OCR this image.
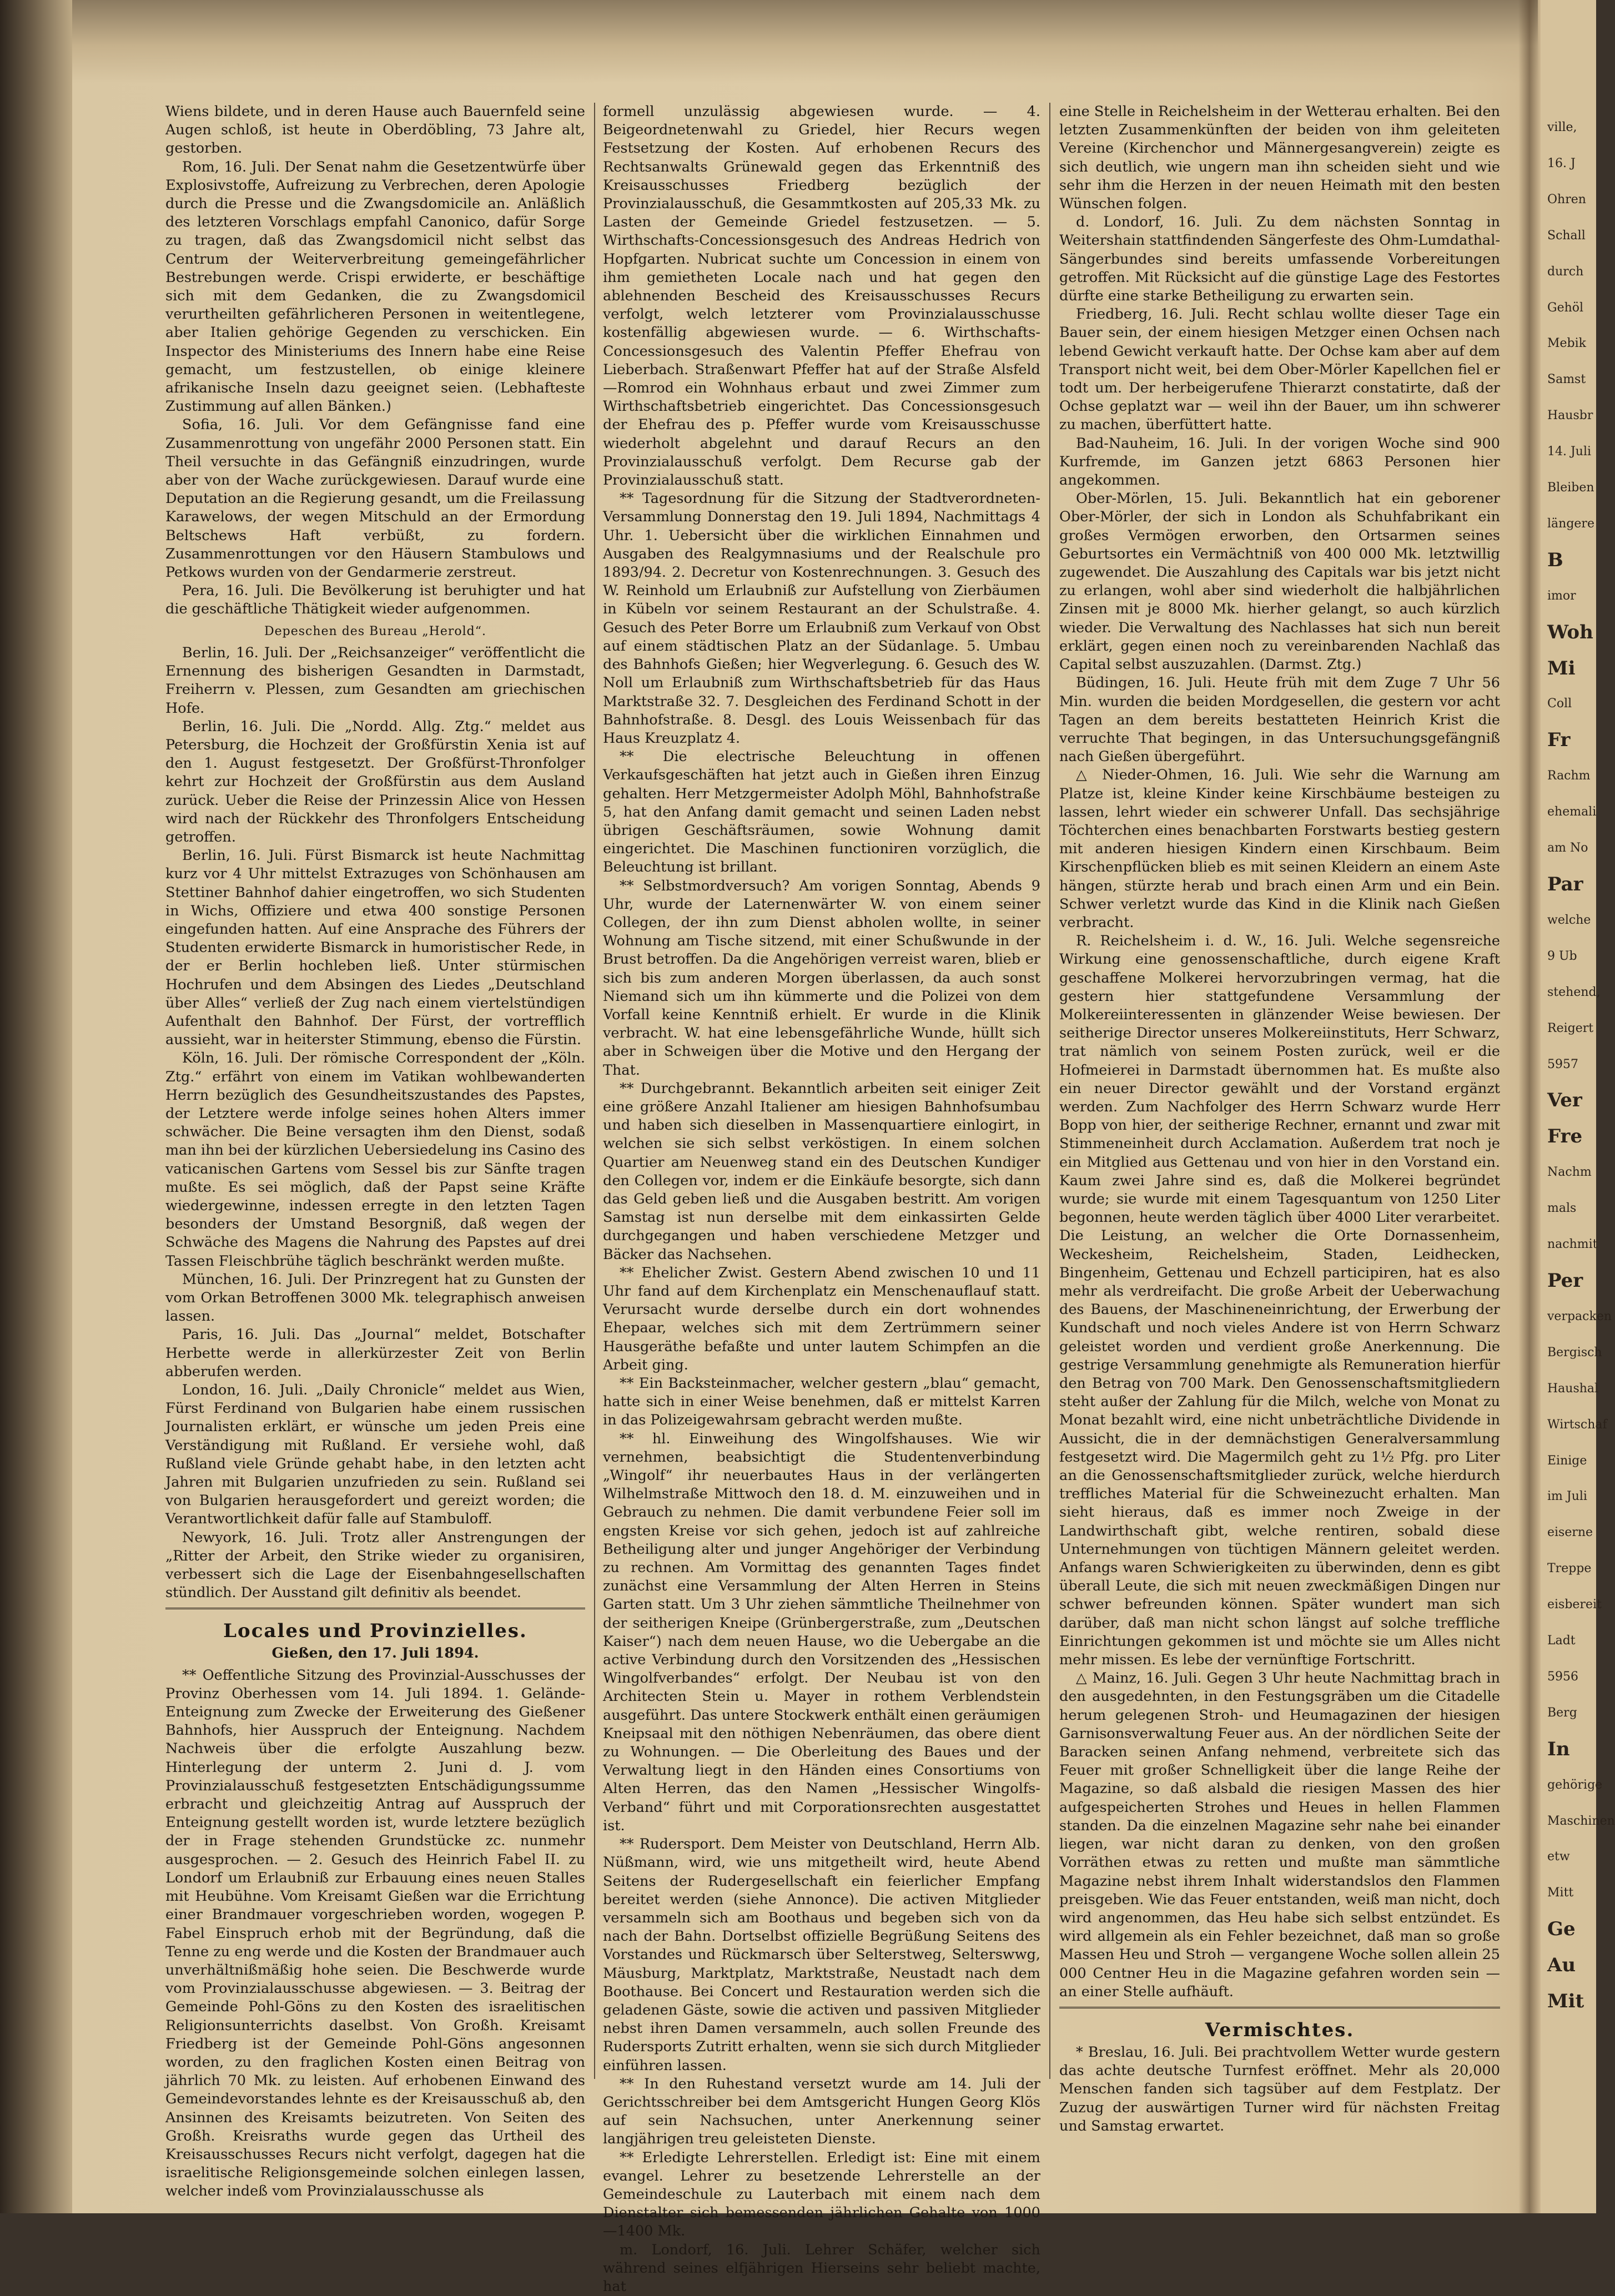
Wiens bildete, und in deren Hause auch Bauernfeld seine Augen schloß, ist heute in Oberdöbling, 73 Jahre alt, gestorben.

Rom, 16. Juli. Der Senat nahm die Gesetzentwürfe über Explosivstoffe, Aufreizung zu Verbrechen, deren Apologie durch die Presse und die Zwangsdomicile an. Anläßlich des letzteren Vorschlags empfahl Canonico, dafür Sorge zu tragen, daß das Zwangsdomicil nicht selbst das Centrum der Weiterverbreitung gemeingefährlicher Bestrebungen werde. Crispi erwiderte, er beschäftige sich mit dem Gedanken, die zu Zwangsdomicil verurtheilten gefährlicheren Personen in weitentlegene, aber Italien gehörige Gegenden zu verschicken. Ein Inspector des Ministeriums des Innern habe eine Reise gemacht, um festzustellen, ob einige kleinere afrikanische Inseln dazu geeignet seien. (Lebhafteste Zustimmung auf allen Bänken.)

Sofia, 16. Juli. Vor dem Gefängnisse fand eine Zusammenrottung von ungefähr 2000 Personen statt. Ein Theil versuchte in das Gefängniß einzudringen, wurde aber von der Wache zurückgewiesen. Darauf wurde eine Deputation an die Regierung gesandt, um die Freilassung Karawelows, der wegen Mitschuld an der Ermordung Beltschews Haft verbüßt, zu fordern. Zusammenrottungen vor den Häusern Stambulows und Petkows wurden von der Gendarmerie zerstreut.

Pera, 16. Juli. Die Bevölkerung ist beruhigter und hat die geschäftliche Thätigkeit wieder aufgenommen.

Depeschen des Bureau „Herold“.

Berlin, 16. Juli. Der „Reichsanzeiger“ veröffentlicht die Ernennung des bisherigen Gesandten in Darmstadt, Freiherrn v. Plessen, zum Gesandten am griechischen Hofe.

Berlin, 16. Juli. Die „Nordd. Allg. Ztg.“ meldet aus Petersburg, die Hochzeit der Großfürstin Xenia ist auf den 1. August festgesetzt. Der Großfürst-Thronfolger kehrt zur Hochzeit der Großfürstin aus dem Ausland zurück. Ueber die Reise der Prinzessin Alice von Hessen wird nach der Rückkehr des Thronfolgers Entscheidung getroffen.

Berlin, 16. Juli. Fürst Bismarck ist heute Nachmittag kurz vor 4 Uhr mittelst Extrazuges von Schönhausen am Stettiner Bahnhof dahier eingetroffen, wo sich Studenten in Wichs, Offiziere und etwa 400 sonstige Personen eingefunden hatten. Auf eine Ansprache des Führers der Studenten erwiderte Bismarck in humoristischer Rede, in der er Berlin hochleben ließ. Unter stürmischen Hochrufen und dem Absingen des Liedes „Deutschland über Alles“ verließ der Zug nach einem viertelstündigen Aufenthalt den Bahnhof. Der Fürst, der vortrefflich aussieht, war in heiterster Stimmung, ebenso die Fürstin.

Köln, 16. Juli. Der römische Correspondent der „Köln. Ztg.“ erfährt von einem im Vatikan wohlbewanderten Herrn bezüglich des Gesundheitszustandes des Papstes, der Letztere werde infolge seines hohen Alters immer schwächer. Die Beine versagten ihm den Dienst, sodaß man ihn bei der kürzlichen Uebersiedelung ins Casino des vaticanischen Gartens vom Sessel bis zur Sänfte tragen mußte. Es sei möglich, daß der Papst seine Kräfte wiedergewinne, indessen erregte in den letzten Tagen besonders der Umstand Besorgniß, daß wegen der Schwäche des Magens die Nahrung des Papstes auf drei Tassen Fleischbrühe täglich beschränkt werden mußte.

München, 16. Juli. Der Prinzregent hat zu Gunsten der vom Orkan Betroffenen 3000 Mk. telegraphisch anweisen lassen.

Paris, 16. Juli. Das „Journal“ meldet, Botschafter Herbette werde in allerkürzester Zeit von Berlin abberufen werden.

London, 16. Juli. „Daily Chronicle“ meldet aus Wien, Fürst Ferdinand von Bulgarien habe einem russischen Journalisten erklärt, er wünsche um jeden Preis eine Verständigung mit Rußland. Er versiehe wohl, daß Rußland viele Gründe gehabt habe, in den letzten acht Jahren mit Bulgarien unzufrieden zu sein. Rußland sei von Bulgarien herausgefordert und gereizt worden; die Verantwortlichkeit dafür falle auf Stambuloff.

Newyork, 16. Juli. Trotz aller Anstrengungen der „Ritter der Arbeit, den Strike wieder zu organisiren, verbessert sich die Lage der Eisenbahngesellschaften stündlich. Der Ausstand gilt definitiv als beendet.

Locales und Provinzielles.
Gießen, den 17. Juli 1894.

** Oeffentliche Sitzung des Provinzial-Ausschusses der Provinz Oberhessen vom 14. Juli 1894. 1. Gelände-Enteignung zum Zwecke der Erweiterung des Gießener Bahnhofs, hier Ausspruch der Enteignung. Nachdem Nachweis über die erfolgte Auszahlung bezw. Hinterlegung der unterm 2. Juni d. J. vom Provinzialausschuß festgesetzten Entschädigungssumme erbracht und gleichzeitig Antrag auf Ausspruch der Enteignung gestellt worden ist, wurde letztere bezüglich der in Frage stehenden Grundstücke zc. nunmehr ausgesprochen. — 2. Gesuch des Heinrich Fabel II. zu Londorf um Erlaubniß zur Erbauung eines neuen Stalles mit Heubühne. Vom Kreisamt Gießen war die Errichtung einer Brandmauer vorgeschrieben worden, wogegen P. Fabel Einspruch erhob mit der Begründung, daß die Tenne zu eng werde und die Kosten der Brandmauer auch unverhältnißmäßig hohe seien. Die Beschwerde wurde vom Provinzialausschusse abgewiesen. — 3. Beitrag der Gemeinde Pohl-Göns zu den Kosten des israelitischen Religionsunterrichts daselbst. Von Großh. Kreisamt Friedberg ist der Gemeinde Pohl-Göns angesonnen worden, zu den fraglichen Kosten einen Beitrag von jährlich 70 Mk. zu leisten. Auf erhobenen Einwand des Gemeindevorstandes lehnte es der Kreisausschuß ab, den Ansinnen des Kreisamts beizutreten. Von Seiten des Großh. Kreisraths wurde gegen das Urtheil des Kreisausschusses Recurs nicht verfolgt, dagegen hat die israelitische Religionsgemeinde solchen einlegen lassen, welcher indeß vom Provinzialausschusse als

formell unzulässig abgewiesen wurde. — 4. Beigeordnetenwahl zu Griedel, hier Recurs wegen Festsetzung der Kosten. Auf erhobenen Recurs des Rechtsanwalts Grünewald gegen das Erkenntniß des Kreisausschusses Friedberg bezüglich der Provinzialausschuß, die Gesammtkosten auf 205,33 Mk. zu Lasten der Gemeinde Griedel festzusetzen. — 5. Wirthschafts-Concessionsgesuch des Andreas Hedrich von Hopfgarten. Nubricat suchte um Concession in einem von ihm gemietheten Locale nach und hat gegen den ablehnenden Bescheid des Kreisausschusses Recurs verfolgt, welch letzterer vom Provinzialausschusse kostenfällig abgewiesen wurde. — 6. Wirthschafts-Concessionsgesuch des Valentin Pfeffer Ehefrau von Lieberbach. Straßenwart Pfeffer hat auf der Straße Alsfeld—Romrod ein Wohnhaus erbaut und zwei Zimmer zum Wirthschaftsbetrieb eingerichtet. Das Concessionsgesuch der Ehefrau des p. Pfeffer wurde vom Kreisausschusse wiederholt abgelehnt und darauf Recurs an den Provinzialausschuß verfolgt. Dem Recurse gab der Provinzialausschuß statt.

** Tagesordnung für die Sitzung der Stadtverordneten-Versammlung Donnerstag den 19. Juli 1894, Nachmittags 4 Uhr. 1. Uebersicht über die wirklichen Einnahmen und Ausgaben des Realgymnasiums und der Realschule pro 1893/94. 2. Decretur von Kostenrechnungen. 3. Gesuch des W. Reinhold um Erlaubniß zur Aufstellung von Zierbäumen in Kübeln vor seinem Restaurant an der Schulstraße. 4. Gesuch des Peter Borre um Erlaubniß zum Verkauf von Obst auf einem städtischen Platz an der Südanlage. 5. Umbau des Bahnhofs Gießen; hier Wegverlegung. 6. Gesuch des W. Noll um Erlaubniß zum Wirthschaftsbetrieb für das Haus Marktstraße 32. 7. Desgleichen des Ferdinand Schott in der Bahnhofstraße. 8. Desgl. des Louis Weissenbach für das Haus Kreuzplatz 4.

** Die electrische Beleuchtung in offenen Verkaufsgeschäften hat jetzt auch in Gießen ihren Einzug gehalten. Herr Metzgermeister Adolph Möhl, Bahnhofstraße 5, hat den Anfang damit gemacht und seinen Laden nebst übrigen Geschäftsräumen, sowie Wohnung damit eingerichtet. Die Maschinen functioniren vorzüglich, die Beleuchtung ist brillant.

** Selbstmordversuch? Am vorigen Sonntag, Abends 9 Uhr, wurde der Laternenwärter W. von einem seiner Collegen, der ihn zum Dienst abholen wollte, in seiner Wohnung am Tische sitzend, mit einer Schußwunde in der Brust betroffen. Da die Angehörigen verreist waren, blieb er sich bis zum anderen Morgen überlassen, da auch sonst Niemand sich um ihn kümmerte und die Polizei von dem Vorfall keine Kenntniß erhielt. Er wurde in die Klinik verbracht. W. hat eine lebensgefährliche Wunde, hüllt sich aber in Schweigen über die Motive und den Hergang der That.

** Durchgebrannt. Bekanntlich arbeiten seit einiger Zeit eine größere Anzahl Italiener am hiesigen Bahnhofsumbau und haben sich dieselben in Massenquartiere einlogirt, in welchen sie sich selbst verköstigen. In einem solchen Quartier am Neuenweg stand ein des Deutschen Kundiger den Collegen vor, indem er die Einkäufe besorgte, sich dann das Geld geben ließ und die Ausgaben bestritt. Am vorigen Samstag ist nun derselbe mit dem einkassirten Gelde durchgegangen und haben verschiedene Metzger und Bäcker das Nachsehen.

** Ehelicher Zwist. Gestern Abend zwischen 10 und 11 Uhr fand auf dem Kirchenplatz ein Menschenauflauf statt. Verursacht wurde derselbe durch ein dort wohnendes Ehepaar, welches sich mit dem Zertrümmern seiner Hausgeräthe befaßte und unter lautem Schimpfen an die Arbeit ging.

** Ein Backsteinmacher, welcher gestern „blau“ gemacht, hatte sich in einer Weise benehmen, daß er mittelst Karren in das Polizeigewahrsam gebracht werden mußte.

** hl. Einweihung des Wingolfshauses. Wie wir vernehmen, beabsichtigt die Studentenverbindung „Wingolf“ ihr neuerbautes Haus in der verlängerten Wilhelmstraße Mittwoch den 18. d. M. einzuweihen und in Gebrauch zu nehmen. Die damit verbundene Feier soll im engsten Kreise vor sich gehen, jedoch ist auf zahlreiche Betheiligung alter und junger Angehöriger der Verbindung zu rechnen. Am Vormittag des genannten Tages findet zunächst eine Versammlung der Alten Herren in Steins Garten statt. Um 3 Uhr ziehen sämmtliche Theilnehmer von der seitherigen Kneipe (Grünbergerstraße, zum „Deutschen Kaiser“) nach dem neuen Hause, wo die Uebergabe an die active Verbindung durch den Vorsitzenden des „Hessischen Wingolfverbandes“ erfolgt. Der Neubau ist von den Architecten Stein u. Mayer in rothem Verblendstein ausgeführt. Das untere Stockwerk enthält einen geräumigen Kneipsaal mit den nöthigen Nebenräumen, das obere dient zu Wohnungen. — Die Oberleitung des Baues und der Verwaltung liegt in den Händen eines Consortiums von Alten Herren, das den Namen „Hessischer Wingolfs-Verband“ führt und mit Corporationsrechten ausgestattet ist.

** Rudersport. Dem Meister von Deutschland, Herrn Alb. Nüßmann, wird, wie uns mitgetheilt wird, heute Abend Seitens der Rudergesellschaft ein feierlicher Empfang bereitet werden (siehe Annonce). Die activen Mitglieder versammeln sich am Boothaus und begeben sich von da nach der Bahn. Dortselbst offizielle Begrüßung Seitens des Vorstandes und Rückmarsch über Selterstweg, Selterswwg, Mäusburg, Marktplatz, Marktstraße, Neustadt nach dem Boothause. Bei Concert und Restauration werden sich die geladenen Gäste, sowie die activen und passiven Mitglieder nebst ihren Damen versammeln, auch sollen Freunde des Rudersports Zutritt erhalten, wenn sie sich durch Mitglieder einführen lassen.

** In den Ruhestand versetzt wurde am 14. Juli der Gerichtsschreiber bei dem Amtsgericht Hungen Georg Klös auf sein Nachsuchen, unter Anerkennung seiner langjährigen treu geleisteten Dienste.

** Erledigte Lehrerstellen. Erledigt ist: Eine mit einem evangel. Lehrer zu besetzende Lehrerstelle an der Gemeindeschule zu Lauterbach mit einem nach dem Dienstalter sich bemessenden jährlichen Gehalte von 1000—1400 Mk.

m. Londorf, 16. Juli. Lehrer Schäfer, welcher sich während seines elfjährigen Hierseins sehr beliebt machte, hat

eine Stelle in Reichelsheim in der Wetterau erhalten. Bei den letzten Zusammenkünften der beiden von ihm geleiteten Vereine (Kirchenchor und Männergesangverein) zeigte es sich deutlich, wie ungern man ihn scheiden sieht und wie sehr ihm die Herzen in der neuen Heimath mit den besten Wünschen folgen.

d. Londorf, 16. Juli. Zu dem nächsten Sonntag in Weitershain stattfindenden Sängerfeste des Ohm-Lumdathal-Sängerbundes sind bereits umfassende Vorbereitungen getroffen. Mit Rücksicht auf die günstige Lage des Festortes dürfte eine starke Betheiligung zu erwarten sein.

Friedberg, 16. Juli. Recht schlau wollte dieser Tage ein Bauer sein, der einem hiesigen Metzger einen Ochsen nach lebend Gewicht verkauft hatte. Der Ochse kam aber auf dem Transport nicht weit, bei dem Ober-Mörler Kapellchen fiel er todt um. Der herbeigerufene Thierarzt constatirte, daß der Ochse geplatzt war — weil ihn der Bauer, um ihn schwerer zu machen, überfüttert hatte.

Bad-Nauheim, 16. Juli. In der vorigen Woche sind 900 Kurfremde, im Ganzen jetzt 6863 Personen hier angekommen.

Ober-Mörlen, 15. Juli. Bekanntlich hat ein geborener Ober-Mörler, der sich in London als Schuhfabrikant ein großes Vermögen erworben, den Ortsarmen seines Geburtsortes ein Vermächtniß von 400 000 Mk. letztwillig zugewendet. Die Auszahlung des Capitals war bis jetzt nicht zu erlangen, wohl aber sind wiederholt die halbjährlichen Zinsen mit je 8000 Mk. hierher gelangt, so auch kürzlich wieder. Die Verwaltung des Nachlasses hat sich nun bereit erklärt, gegen einen noch zu vereinbarenden Nachlaß das Capital selbst auszuzahlen. (Darmst. Ztg.)

Büdingen, 16. Juli. Heute früh mit dem Zuge 7 Uhr 56 Min. wurden die beiden Mordgesellen, die gestern vor acht Tagen an dem bereits bestatteten Heinrich Krist die verruchte That begingen, in das Untersuchungsgefängniß nach Gießen übergeführt.

△ Nieder-Ohmen, 16. Juli. Wie sehr die Warnung am Platze ist, kleine Kinder keine Kirschbäume besteigen zu lassen, lehrt wieder ein schwerer Unfall. Das sechsjährige Töchterchen eines benachbarten Forstwarts bestieg gestern mit anderen hiesigen Kindern einen Kirschbaum. Beim Kirschenpflücken blieb es mit seinen Kleidern an einem Aste hängen, stürzte herab und brach einen Arm und ein Bein. Schwer verletzt wurde das Kind in die Klinik nach Gießen verbracht.

R. Reichelsheim i. d. W., 16. Juli. Welche segensreiche Wirkung eine genossenschaftliche, durch eigene Kraft geschaffene Molkerei hervorzubringen vermag, hat die gestern hier stattgefundene Versammlung der Molkereiinteressenten in glänzender Weise bewiesen. Der seitherige Director unseres Molkereiinstituts, Herr Schwarz, trat nämlich von seinem Posten zurück, weil er die Hofmeierei in Darmstadt übernommen hat. Es mußte also ein neuer Director gewählt und der Vorstand ergänzt werden. Zum Nachfolger des Herrn Schwarz wurde Herr Bopp von hier, der seitherige Rechner, ernannt und zwar mit Stimmeneinheit durch Acclamation. Außerdem trat noch je ein Mitglied aus Gettenau und von hier in den Vorstand ein. Kaum zwei Jahre sind es, daß die Molkerei begründet wurde; sie wurde mit einem Tagesquantum von 1250 Liter begonnen, heute werden täglich über 4000 Liter verarbeitet. Die Leistung, an welcher die Orte Dornassenheim, Weckesheim, Reichelsheim, Staden, Leidhecken, Bingenheim, Gettenau und Echzell participiren, hat es also mehr als verdreifacht. Die große Arbeit der Ueberwachung des Bauens, der Maschineneinrichtung, der Erwerbung der Kundschaft und noch vieles Andere ist von Herrn Schwarz geleistet worden und verdient große Anerkennung. Die gestrige Versammlung genehmigte als Remuneration hierfür den Betrag von 700 Mark. Den Genossenschaftsmitgliedern steht außer der Zahlung für die Milch, welche von Monat zu Monat bezahlt wird, eine nicht unbeträchtliche Dividende in Aussicht, die in der demnächstigen Generalversammlung festgesetzt wird. Die Magermilch geht zu 1½ Pfg. pro Liter an die Genossenschaftsmitglieder zurück, welche hierdurch treffliches Material für die Schweinezucht erhalten. Man sieht hieraus, daß es immer noch Zweige in der Landwirthschaft gibt, welche rentiren, sobald diese Unternehmungen von tüchtigen Männern geleitet werden. Anfangs waren Schwierigkeiten zu überwinden, denn es gibt überall Leute, die sich mit neuen zweckmäßigen Dingen nur schwer befreunden können. Später wundert man sich darüber, daß man nicht schon längst auf solche treffliche Einrichtungen gekommen ist und möchte sie um Alles nicht mehr missen. Es lebe der vernünftige Fortschritt.

△ Mainz, 16. Juli. Gegen 3 Uhr heute Nachmittag brach in den ausgedehnten, in den Festungsgräben um die Citadelle herum gelegenen Stroh- und Heumagazinen der hiesigen Garnisonsverwaltung Feuer aus. An der nördlichen Seite der Baracken seinen Anfang nehmend, verbreitete sich das Feuer mit großer Schnelligkeit über die lange Reihe der Magazine, so daß alsbald die riesigen Massen des hier aufgespeicherten Strohes und Heues in hellen Flammen standen. Da die einzelnen Magazine sehr nahe bei einander liegen, war nicht daran zu denken, von den großen Vorräthen etwas zu retten und mußte man sämmtliche Magazine nebst ihrem Inhalt widerstandslos den Flammen preisgeben. Wie das Feuer entstanden, weiß man nicht, doch wird angenommen, das Heu habe sich selbst entzündet. Es wird allgemein als ein Fehler bezeichnet, daß man so große Massen Heu und Stroh — vergangene Woche sollen allein 25 000 Centner Heu in die Magazine gefahren worden sein — an einer Stelle aufhäuft.

Vermischtes.

* Breslau, 16. Juli. Bei prachtvollem Wetter wurde gestern das achte deutsche Turnfest eröffnet. Mehr als 20,000 Menschen fanden sich tagsüber auf dem Festplatz. Der Zuzug der auswärtigen Turner wird für nächsten Freitag und Samstag erwartet.

ville,
16. J
Ohren
Schall
durch
Gehöl
Mebik
Samst
Hausbr
14. Juli
Bleiben
längere
B
imor
Woh
Mi
Coll
Fr
Rachm
ehemali
am No
Par
welche
9 Ub
stehend,
Reigert
5957
Ver
Fre
Nachm
mals
nachmit
Per
verpacken
Bergisch
Haushal
Wirtschaf
Einige
im Juli
eiserne
Treppe
eisbereit
Ladt
5956
Berg
In
gehörige
Maschinen
etw
Mitt
Ge
Au
Mit
